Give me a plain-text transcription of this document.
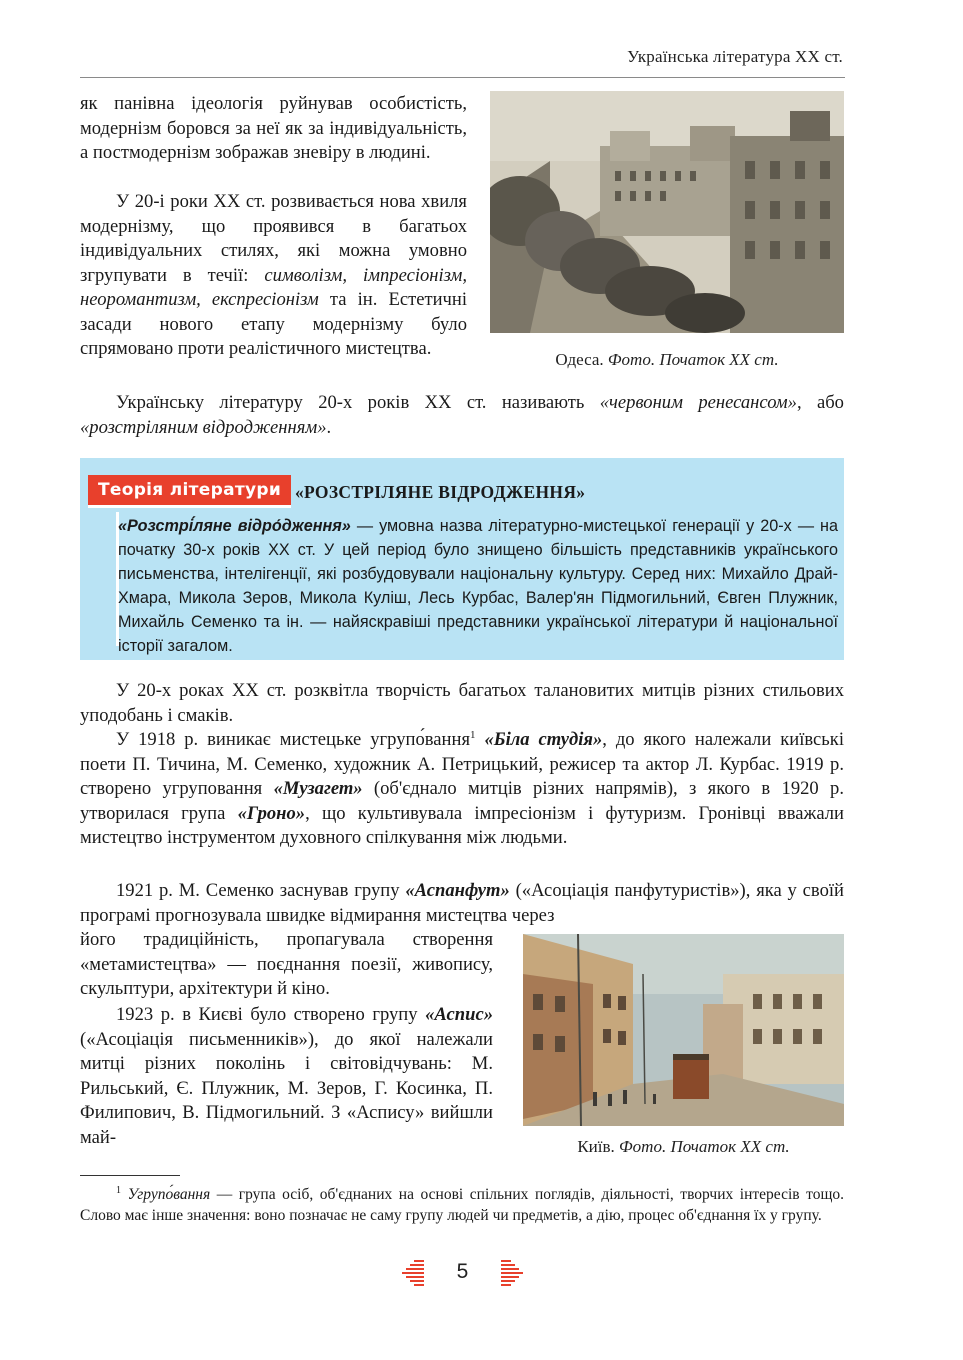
Українська література XX ст.

як панівна ідеологія руйнував особистість, модернізм боровся за неї як за індивідуальність, а постмодернізм зображав зневіру в людині.

У 20-і роки XX ст. розвивається нова хвиля модернізму, що проявився в багатьох індивідуальних стилях, які можна умовно згрупувати в течії: символізм, імпресіонізм, неоромантизм, експресіонізм та ін. Естетичні засади нового етапу модернізму було спрямовано проти реалістичного мистецтва.

Одеса. Фото. Початок XX ст.

Українську літературу 20-х років XX ст. називають «червоним ренесансом», або «розстріляним відродженням».

Теорія літератури «РОЗСТРІЛЯНЕ ВІДРОДЖЕННЯ»

«Розстрі́ляне відро́дження» — умовна назва літературно-мистецької генерації у 20-х — на початку 30-х років XX ст. У цей період було знищено більшість представників українського письменства, інтелігенції, які розбудовували національну культуру. Серед них: Михайло Драй-Хмара, Микола Зеров, Микола Куліш, Лесь Курбас, Валер'ян Підмогильний, Євген Плужник, Михайль Семенко та ін. — найяскравіші представники української літератури й національної історії загалом.

У 20-х роках XX ст. розквітла творчість багатьох талановитих митців різних стильових уподобань і смаків.

У 1918 р. виникає мистецьке угрупо́вання$^1$ «Біла студія», до якого належали київські поети П. Тичина, М. Семенко, художник А. Петрицький, режисер та актор Л. Курбас. 1919 р. створено угруповання «Музагет» (об'єднало митців різних напрямів), з якого в 1920 р. утворилася група «Гроно», що культивувала імпресіонізм і футуризм. Гронівці вважали мистецтво інструментом духовного спілкування між людьми.

1921 р. М. Семенко заснував групу «Аспанфут» («Асоціація панфутуристів»), яка у своїй програмі прогнозувала швидке відмирання мистецтва через

його традиційність, пропагувала створення «метамистецтва» — поєднання поезії, живопису, скульптури, архітектури й кіно.

1923 р. в Києві було створено групу «Аспис» («Асоціація письменників»), до якої належали митці різних поколінь і світовідчувань: М. Рильський, Є. Плужник, М. Зеров, Г. Косинка, П. Филипович, В. Підмогильний. З «Аспису» вийшли май-	Київ. Фото. Початок XX ст.

$^1$ Угрупо́вання — група осіб, об'єднаних на основі спільних поглядів, діяльності, творчих інтересів тощо. Слово має інше значення: воно позначає не саму групу людей чи предметів, а дію, процес об'єднання їх у групу.

5
